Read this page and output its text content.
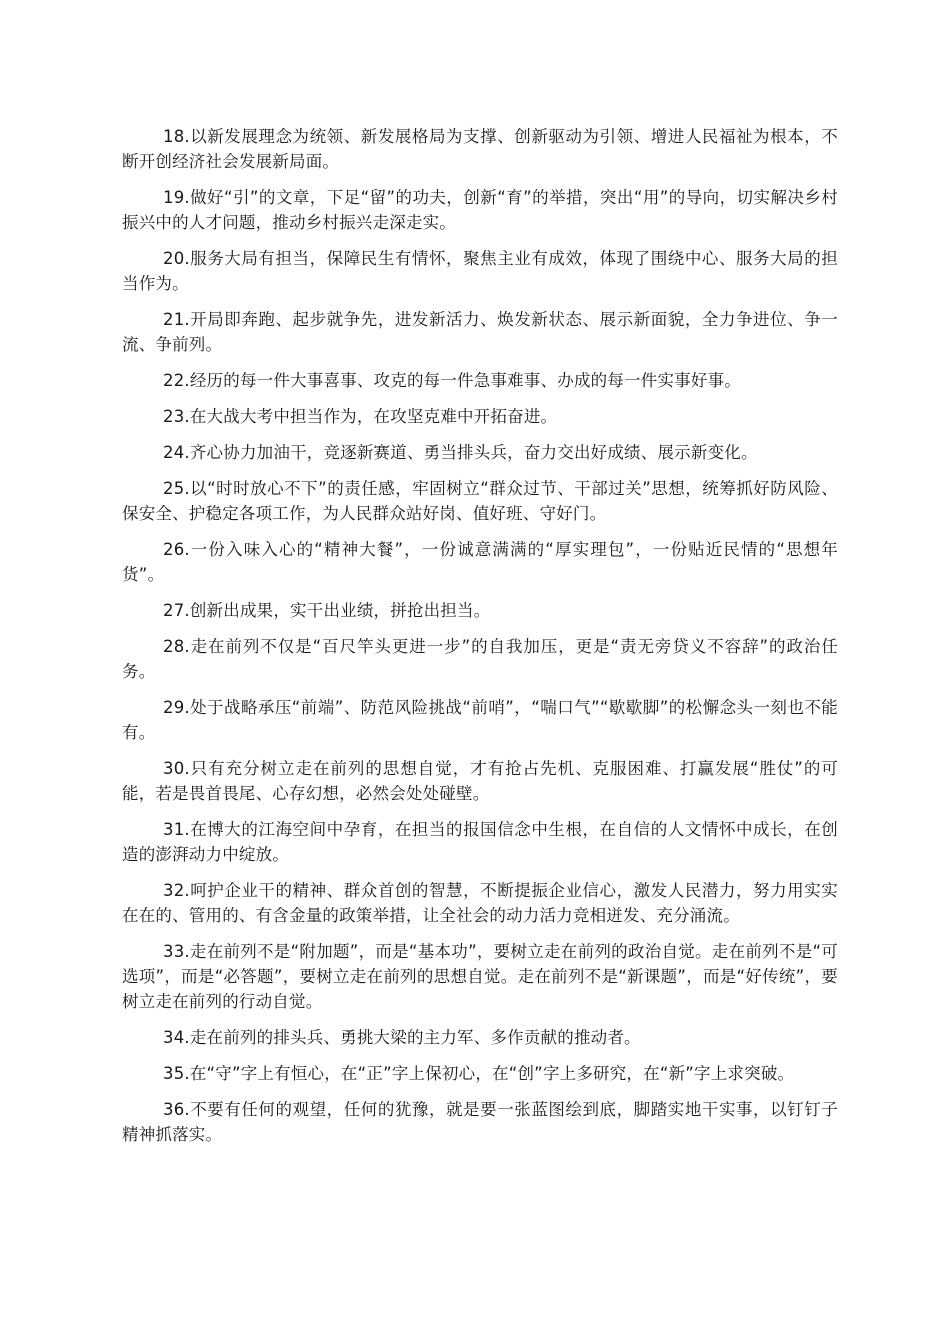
18.以新发展理念为统领、新发展格局为支撑、创新驱动为引领、增进人民福祉为根本，不断开创经济社会发展新局面。

19.做好“引”的文章，下足“留”的功夫，创新“育”的举措，突出“用”的导向，切实解决乡村振兴中的人才问题，推动乡村振兴走深走实。

20.服务大局有担当，保障民生有情怀，聚焦主业有成效，体现了围绕中心、服务大局的担当作为。

21.开局即奔跑、起步就争先，进发新活力、焕发新状态、展示新面貌，全力争进位、争一流、争前列。

22.经历的每一件大事喜事、攻克的每一件急事难事、办成的每一件实事好事。

23.在大战大考中担当作为，在攻坚克难中开拓奋进。

24.齐心协力加油干，竞逐新赛道、勇当排头兵，奋力交出好成绩、展示新变化。

25.以“时时放心不下”的责任感，牢固树立“群众过节、干部过关”思想，统筹抓好防风险、保安全、护稳定各项工作，为人民群众站好岗、值好班、守好门。

26.一份入味入心的“精神大餐”，一份诚意满满的“厚实理包”，一份贴近民情的“思想年货”。

27.创新出成果，实干出业绩，拼抢出担当。

28.走在前列不仅是“百尺竿头更进一步”的自我加压，更是“责无旁贷义不容辞”的政治任务。

29.处于战略承压“前端”、防范风险挑战“前哨”，“喘口气”“歇歇脚”的松懈念头一刻也不能有。

30.只有充分树立走在前列的思想自觉，才有抢占先机、克服困难、打赢发展“胜仗”的可能，若是畏首畏尾、心存幻想，必然会处处碰壁。

31.在博大的江海空间中孕育，在担当的报国信念中生根，在自信的人文情怀中成长，在创造的澎湃动力中绽放。

32.呵护企业干的精神、群众首创的智慧，不断提振企业信心，激发人民潜力，努力用实实在在的、管用的、有含金量的政策举措，让全社会的动力活力竞相迸发、充分涌流。

33.走在前列不是“附加题”，而是“基本功”，要树立走在前列的政治自觉。走在前列不是“可选项”，而是“必答题”，要树立走在前列的思想自觉。走在前列不是“新课题”，而是“好传统”，要树立走在前列的行动自觉。

34.走在前列的排头兵、勇挑大梁的主力军、多作贡献的推动者。

35.在“守”字上有恒心，在“正”字上保初心，在“创”字上多研究，在“新”字上求突破。

36.不要有任何的观望，任何的犹豫，就是要一张蓝图绘到底，脚踏实地干实事，以钉钉子精神抓落实。
